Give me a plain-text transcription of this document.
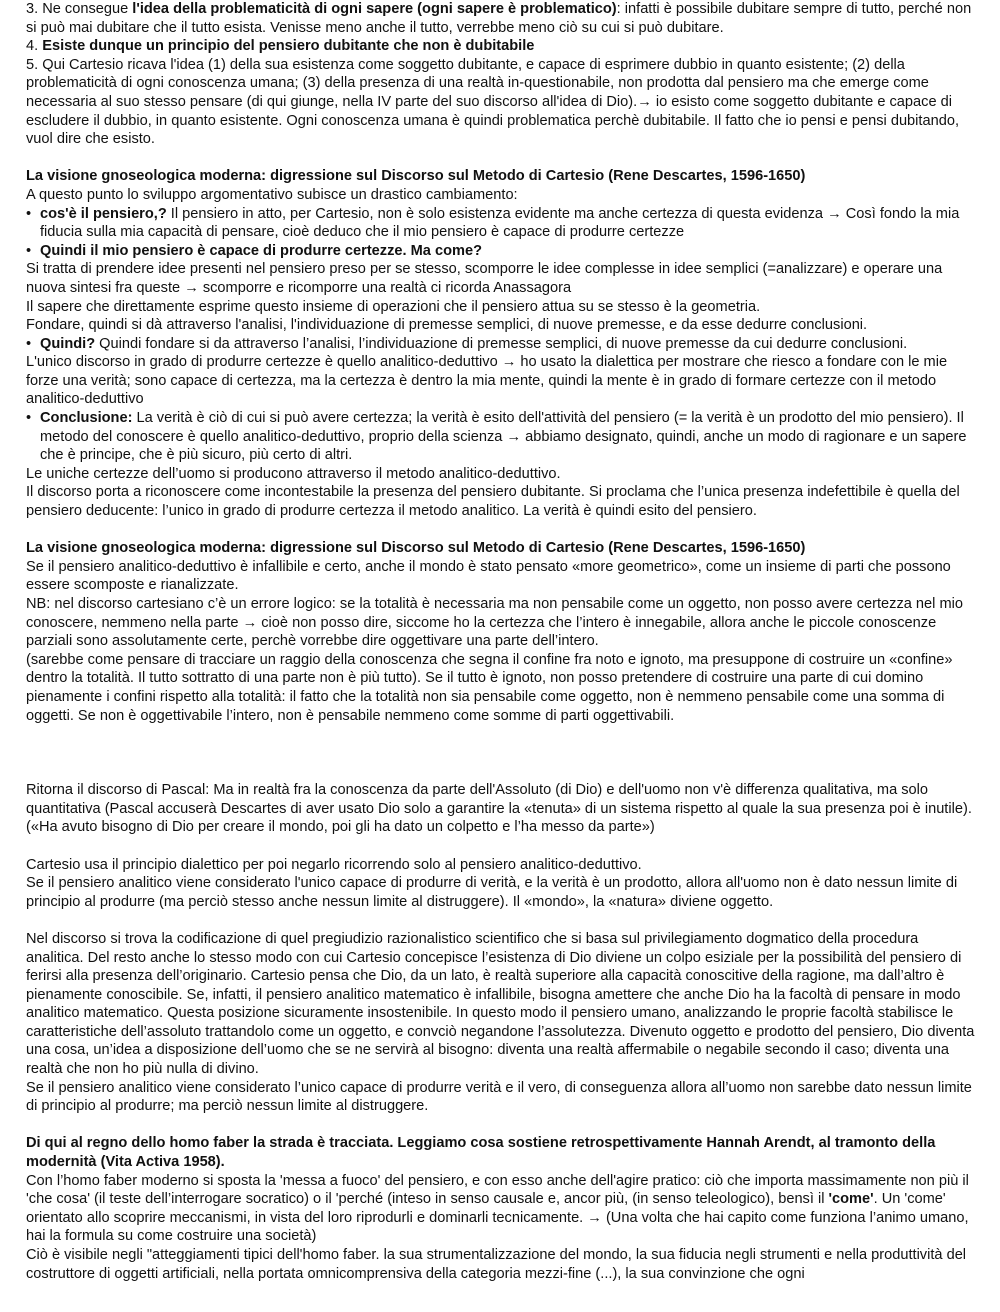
3. Ne consegue l'idea della problematicità di ogni sapere (ogni sapere è problematico): infatti è possibile dubitare sempre di tutto, perché non si può mai dubitare che il tutto esista. Venisse meno anche il tutto, verrebbe meno ciò su cui si può dubitare.

4. Esiste dunque un principio del pensiero dubitante che non è dubitabile

5. Qui Cartesio ricava l'idea (1) della sua esistenza come soggetto dubitante, e capace di esprimere dubbio in quanto esistente; (2) della problematicità di ogni conoscenza umana; (3) della presenza di una realtà in-questionabile, non prodotta dal pensiero ma che emerge come necessaria al suo stesso pensare (di qui giunge, nella IV parte del suo discorso all'idea di Dio).→ io esisto come soggetto dubitante e capace di escludere il dubbio, in quanto esistente. Ogni conoscenza umana è quindi problematica perchè dubitabile. Il fatto che io pensi e pensi dubitando, vuol dire che esisto.

La visione gnoseologica moderna: digressione sul Discorso sul Metodo di Cartesio (Rene Descartes, 1596-1650)

A questo punto lo sviluppo argomentativo subisce un drastico cambiamento:

• cos'è il pensiero,? Il pensiero in atto, per Cartesio, non è solo esistenza evidente ma anche certezza di questa evidenza → Così fondo la mia fiducia sulla mia capacità di pensare, cioè deduco che il mio pensiero è capace di produrre certezze

• Quindi il mio pensiero è capace di produrre certezze. Ma come?

Si tratta di prendere idee presenti nel pensiero preso per se stesso, scomporre le idee complesse in idee semplici (=analizzare) e operare una nuova sintesi fra queste → scomporre e ricomporre una realtà ci ricorda Anassagora

Il sapere che direttamente esprime questo insieme di operazioni che il pensiero attua su se stesso è la geometria.

Fondare, quindi si dà attraverso l'analisi, l'individuazione di premesse semplici, di nuove premesse, e da esse dedurre conclusioni.

• Quindi? Quindi fondare si da attraverso l’analisi, l’individuazione di premesse semplici, di nuove premesse da cui dedurre conclusioni.

L'unico discorso in grado di produrre certezze è quello analitico-deduttivo → ho usato la dialettica per mostrare che riesco a fondare con le mie forze una verità; sono capace di certezza, ma la certezza è dentro la mia mente, quindi la mente è in grado di formare certezze con il metodo analitico-deduttivo

• Conclusione: La verità è ciò di cui si può avere certezza; la verità è esito dell'attività del pensiero (= la verità è un prodotto del mio pensiero). Il metodo del conoscere è quello analitico-deduttivo, proprio della scienza → abbiamo designato, quindi, anche un modo di ragionare e un sapere che è principe, che è più sicuro, più certo di altri.

Le uniche certezze dell’uomo si producono attraverso il metodo analitico-deduttivo.

Il discorso porta a riconoscere come incontestabile la presenza del pensiero dubitante. Si proclama che l’unica presenza indefettibile è quella del pensiero deducente: l’unico in grado di produrre certezza il metodo analitico. La verità è quindi esito del pensiero.

La visione gnoseologica moderna: digressione sul Discorso sul Metodo di Cartesio (Rene Descartes, 1596-1650)

Se il pensiero analitico-deduttivo è infallibile e certo, anche il mondo è stato pensato «more geometrico», come un insieme di parti che possono essere scomposte e rianalizzate.

NB: nel discorso cartesiano c’è un errore logico: se la totalità è necessaria ma non pensabile come un oggetto, non posso avere certezza nel mio conoscere, nemmeno nella parte → cioè non posso dire, siccome ho la certezza che l’intero è innegabile, allora anche le piccole conoscenze parziali sono assolutamente certe, perchè vorrebbe dire oggettivare una parte dell’intero.

(sarebbe come pensare di tracciare un raggio della conoscenza che segna il confine fra noto e ignoto, ma presuppone di costruire un «confine» dentro la totalità. Il tutto sottratto di una parte non è più tutto). Se il tutto è ignoto, non posso pretendere di costruire una parte di cui domino pienamente i confini rispetto alla totalità: il fatto che la totalità non sia pensabile come oggetto, non è nemmeno pensabile come una somma di oggetti. Se non è oggettivabile l’intero, non è pensabile nemmeno come somme di parti oggettivabili.

Ritorna il discorso di Pascal: Ma in realtà fra la conoscenza da parte dell'Assoluto (di Dio) e dell'uomo non v'è differenza qualitativa, ma solo quantitativa (Pascal accuserà Descartes di aver usato Dio solo a garantire la «tenuta» di un sistema rispetto al quale la sua presenza poi è inutile). («Ha avuto bisogno di Dio per creare il mondo, poi gli ha dato un colpetto e l’ha messo da parte»)

Cartesio usa il principio dialettico per poi negarlo ricorrendo solo al pensiero analitico-deduttivo.

Se il pensiero analitico viene considerato l'unico capace di produrre di verità, e la verità è un prodotto, allora all'uomo non è dato nessun limite di principio al produrre (ma perciò stesso anche nessun limite al distruggere). Il «mondo», la «natura» diviene oggetto.

Nel discorso si trova la codificazione di quel pregiudizio razionalistico scientifico che si basa sul privilegiamento dogmatico della procedura analitica. Del resto anche lo stesso modo con cui Cartesio concepisce l’esistenza di Dio diviene un colpo esiziale per la possibilità del pensiero di ferirsi alla presenza dell’originario. Cartesio pensa che Dio, da un lato, è realtà superiore alla capacità conoscitive della ragione, ma dall’altro è pienamente conoscibile. Se, infatti, il pensiero analitico matematico è infallibile, bisogna amettere che anche Dio ha la facoltà di pensare in modo analitico matematico. Questa posizione sicuramente insostenibile. In questo modo il pensiero umano, analizzando le proprie facoltà stabilisce le caratteristiche dell’assoluto trattandolo come un oggetto, e convciò negandone l’assolutezza. Divenuto oggetto e prodotto del pensiero, Dio diventa una cosa, un’idea a disposizione dell’uomo che se ne servirà al bisogno: diventa una realtà affermabile o negabile secondo il caso; diventa una realtà che non ho più nulla di divino.

Se il pensiero analitico viene considerato l’unico capace di produrre verità e il vero, di conseguenza allora all’uomo non sarebbe dato nessun limite di principio al produrre; ma perciò nessun limite al distruggere.

Di qui al regno dello homo faber la strada è tracciata. Leggiamo cosa sostiene retrospettivamente Hannah Arendt, al tramonto della modernità (Vita Activa 1958).

Con l’homo faber moderno si sposta la 'messa a fuoco' del pensiero, e con esso anche dell'agire pratico: ciò che importa massimamente non più il 'che cosa' (il teste dell’interrogare socratico) o il 'perché (inteso in senso causale e, ancor più, (in senso teleologico), bensì il 'come'. Un 'come' orientato allo scoprire meccanismi, in vista del loro riprodurli e dominarli tecnicamente. → (Una volta che hai capito come funziona l’animo umano, hai la formula su come costruire una società)

Ciò è visibile negli "atteggiamenti tipici dell'homo faber. la sua strumentalizzazione del mondo, la sua fiducia negli strumenti e nella produttività del costruttore di oggetti artificiali, nella portata omnicomprensiva della categoria mezzi-fine (...), la sua convinzione che ogni
